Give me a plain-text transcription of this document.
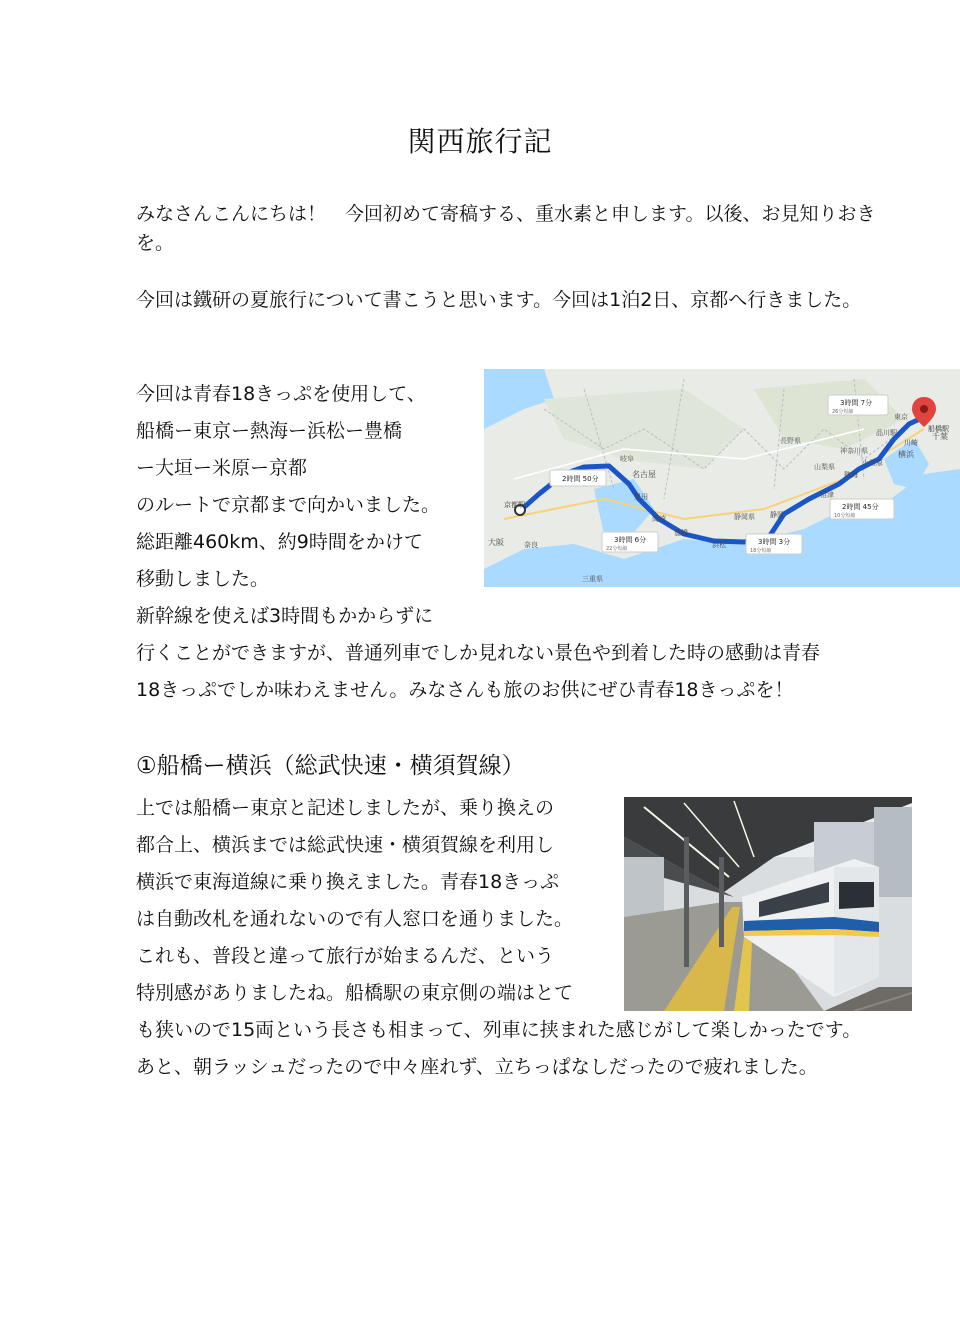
関西旅行記

みなさんこんにちは！　今回初めて寄稿する、重水素と申します。以後、お見知りおきを。

今回は鐵研の夏旅行について書こうと思います。今回は1泊2日、京都へ行きました。

今回は青春18きっぷを使用して、
船橋ー東京ー熱海ー浜松ー豊橋
ー大垣ー米原ー京都
のルートで京都まで向かいました。
総距離460km、約9時間をかけて
移動しました。
新幹線を使えば3時間もかからずに
行くことができますが、普通列車でしか見れない景色や到着した時の感動は青春
18きっぷでしか味わえません。みなさんも旅のお供にぜひ青春18きっぷを！
京都駅
船橋駅
名古屋
豊田
岡崎
豊橋
浜松
静岡
沼津
熱海
小田原
横浜
川崎
品川駅	千葉
大阪	奈良
長野県
山梨県
静岡県
岐阜
三重県
神奈川県
東京
2時間 50分
3時間 6分
22分短縮
3時間 3分
18分短縮
2時間 45分
10分短縮
3時間 7分
26分短縮
①船橋ー横浜（総武快速・横須賀線）
上では船橋ー東京と記述しましたが、乗り換えの
都合上、横浜までは総武快速・横須賀線を利用し
横浜で東海道線に乗り換えました。青春18きっぷ
は自動改札を通れないので有人窓口を通りました。
これも、普段と違って旅行が始まるんだ、という
特別感がありましたね。船橋駅の東京側の端はとて
も狭いので15両という長さも相まって、列車に挟まれた感じがして楽しかったです。
あと、朝ラッシュだったので中々座れず、立ちっぱなしだったので疲れました。
